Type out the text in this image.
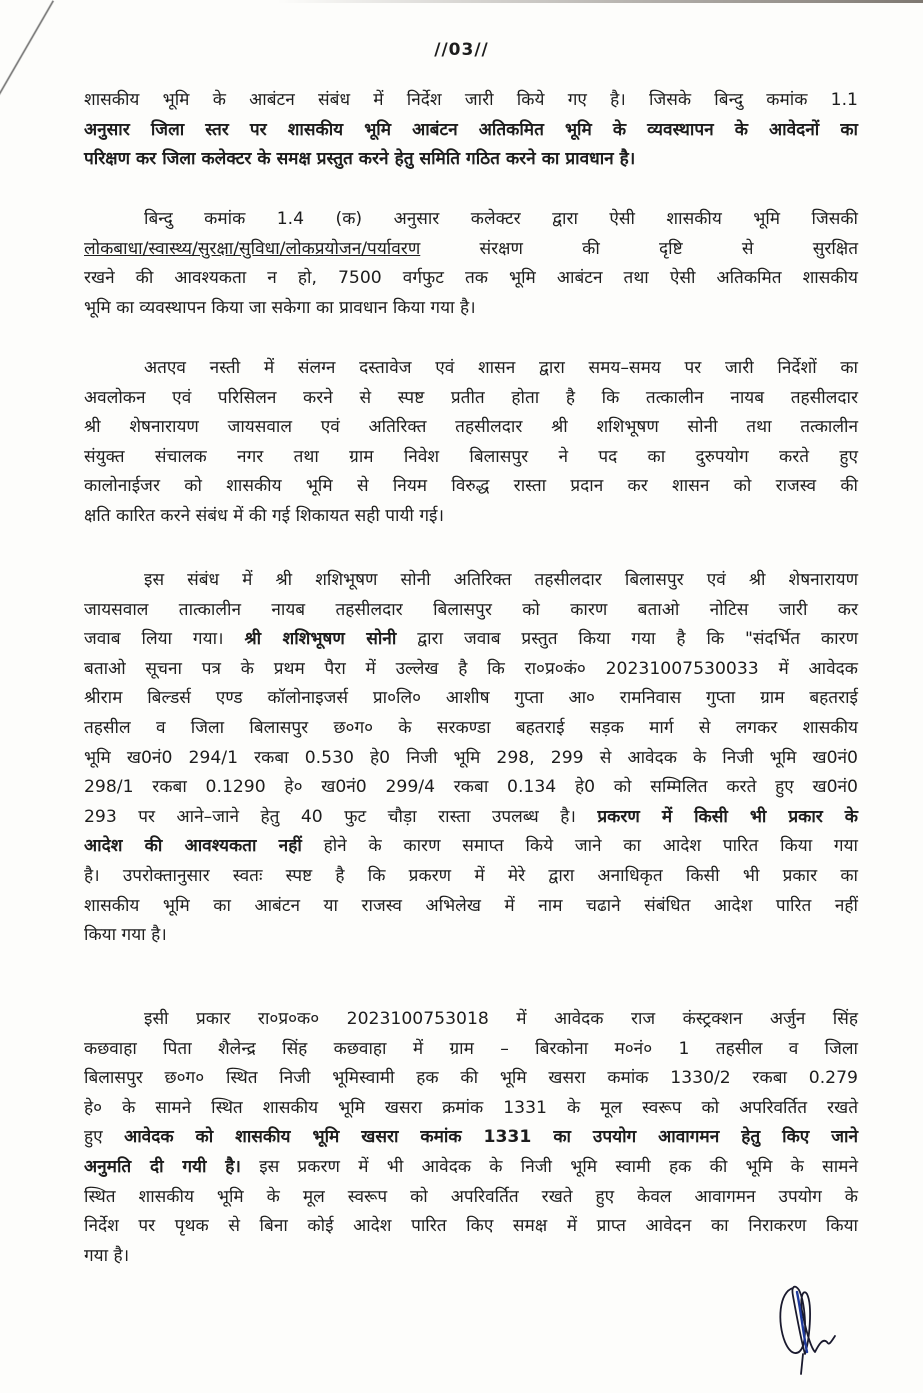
//03//
शासकीय भूमि के आबंटन संबंध में निर्देश जारी किये गए है। जिसके बिन्दु कमांक 1.1
अनुसार जिला स्तर पर शासकीय भूमि आबंटन अतिकमित भूमि के व्यवस्थापन के आवेदनों का
परिक्षण कर जिला कलेक्टर के समक्ष प्रस्तुत करने हेतु समिति गठित करने का प्रावधान है।
बिन्दु कमांक 1.4 (क) अनुसार कलेक्टर द्वारा ऐसी शासकीय भूमि जिसकी
लोकबाधा/स्वास्थ्य/सुरक्षा/सुविधा/लोकप्रयोजन/पर्यावरण	संरक्षण की दृष्टि से सुरक्षित
रखने की आवश्यकता न हो, 7500 वर्गफुट तक भूमि आबंटन तथा ऐसी अतिकमित शासकीय
भूमि का व्यवस्थापन किया जा सकेगा का प्रावधान किया गया है।
अतएव नस्ती में संलग्न दस्तावेज एवं शासन द्वारा समय–समय पर जारी निर्देशों का
अवलोकन एवं परिसिलन करने से स्पष्ट प्रतीत होता है कि तत्कालीन नायब तहसीलदार
श्री शेषनारायण जायसवाल एवं अतिरिक्त तहसीलदार श्री शशिभूषण सोनी तथा तत्कालीन
संयुक्त संचालक नगर तथा ग्राम निवेश बिलासपुर ने पद का दुरुपयोग करते हुए
कालोनाईजर को शासकीय भूमि से नियम विरुद्ध रास्ता प्रदान कर शासन को राजस्व की
क्षति कारित करने संबंध में की गई शिकायत सही पायी गई।
इस संबंध में श्री शशिभूषण सोनी अतिरिक्त तहसीलदार बिलासपुर एवं श्री शेषनारायण
जायसवाल तात्कालीन नायब तहसीलदार बिलासपुर को कारण बताओ नोटिस जारी कर
जवाब लिया गया। श्री शशिभूषण सोनी द्वारा जवाब प्रस्तुत किया गया है कि "संदर्भित कारण
बताओ सूचना पत्र के प्रथम पैरा में उल्लेख है कि रा०प्र०कं० 20231007530033 में आवेदक
श्रीराम बिल्डर्स एण्ड कॉलोनाइजर्स प्रा०लि० आशीष गुप्ता आ० रामनिवास गुप्ता ग्राम बहतराई
तहसील व जिला बिलासपुर छ०ग० के सरकण्डा बहतराई सड़क मार्ग से लगकर शासकीय
भूमि ख0नं0 294/1 रकबा 0.530 हे0 निजी भूमि 298, 299 से आवेदक के निजी भूमि ख0नं0
298/1 रकबा 0.1290 हे० ख0नं0 299/4 रकबा 0.134 हे0 को सम्मिलित करते हुए ख0नं0
293 पर आने–जाने हेतु 40 फुट चौड़ा रास्ता उपलब्ध है। प्रकरण में किसी भी प्रकार के
आदेश की आवश्यकता नहीं होने के कारण समाप्त किये जाने का आदेश पारित किया गया
है। उपरोक्तानुसार स्वतः स्पष्ट है कि प्रकरण में मेरे द्वारा अनाधिकृत किसी भी प्रकार का
शासकीय भूमि का आबंटन या राजस्व अभिलेख में नाम चढाने संबंधित आदेश पारित नहीं
किया गया है।
इसी प्रकार रा०प्र०क० 2023100753018 में आवेदक राज कंस्ट्रक्शन अर्जुन सिंह
कछवाहा पिता शैलेन्द्र सिंह कछवाहा में ग्राम – बिरकोना म०नं० 1 तहसील व जिला
बिलासपुर छ०ग० स्थित निजी भूमिस्वामी हक की भूमि खसरा कमांक 1330/2 रकबा 0.279
हे० के सामने स्थित शासकीय भूमि खसरा क्रमांक 1331 के मूल स्वरूप को अपरिवर्तित रखते
हुए आवेदक को शासकीय भूमि खसरा कमांक 1331 का उपयोग आवागमन हेतु किए जाने
अनुमति दी गयी है। इस प्रकरण में भी आवेदक के निजी भूमि स्वामी हक की भूमि के सामने
स्थित शासकीय भूमि के मूल स्वरूप को अपरिवर्तित रखते हुए केवल आवागमन उपयोग के
निर्देश पर पृथक से बिना कोई आदेश पारित किए समक्ष में प्राप्त आवेदन का निराकरण किया
गया है।
